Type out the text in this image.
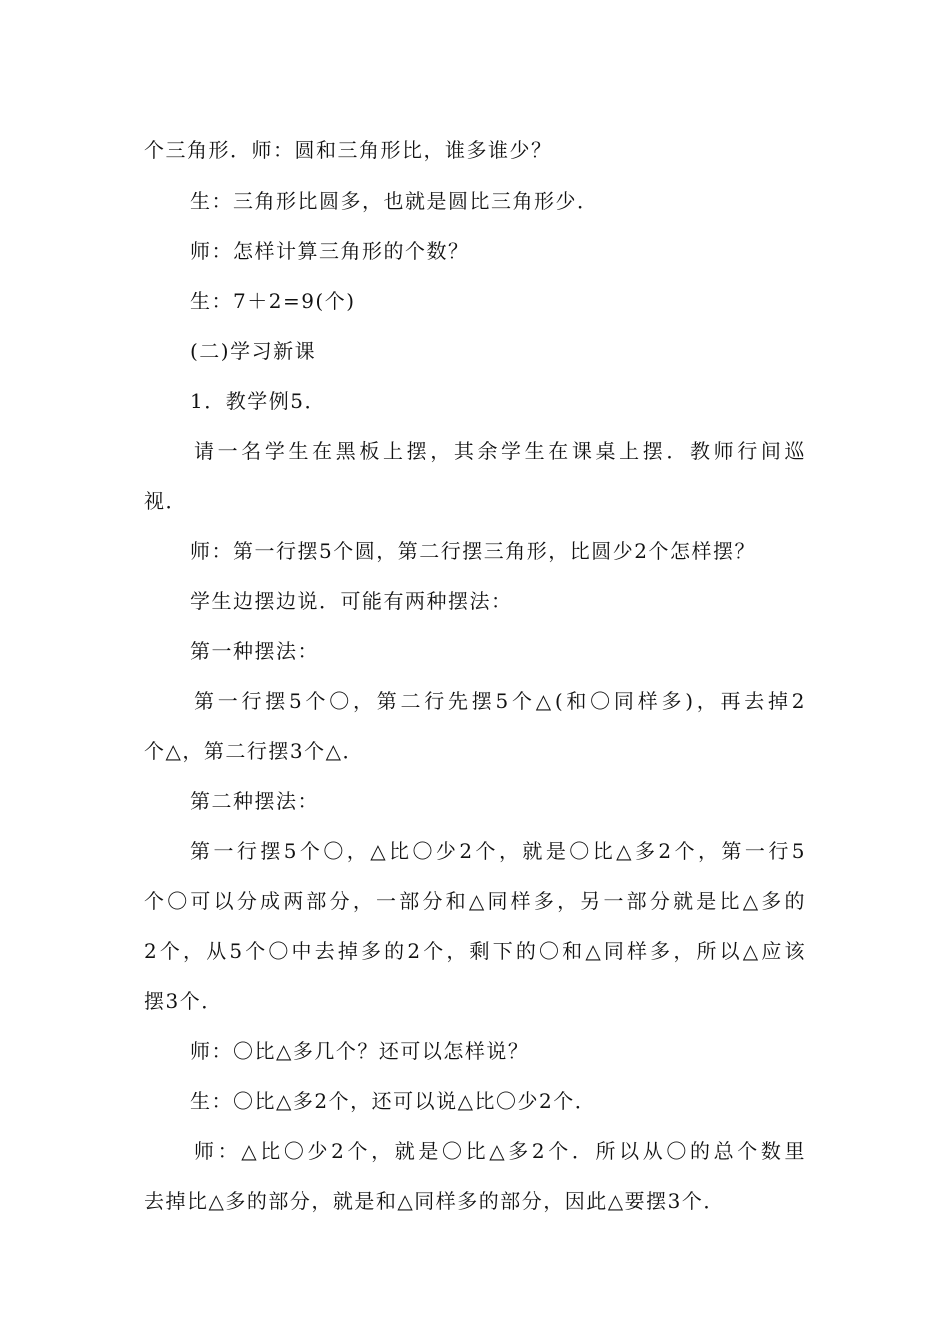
个三角形．师：圆和三角形比，谁多谁少？
生：三角形比圆多，也就是圆比三角形少．
师：怎样计算三角形的个数？
生：7＋2=9(个)
(二)学习新课
1．教学例5．
请一名学生在黑板上摆，其余学生在课桌上摆．教师行间巡
视．
师：第一行摆5个圆，第二行摆三角形，比圆少2个怎样摆？
学生边摆边说．可能有两种摆法：
第一种摆法：
第一行摆5个〇，第二行先摆5个△(和〇同样多)，再去掉2
个△，第二行摆3个△．
第二种摆法：
第一行摆5个〇，△比〇少2个，就是〇比△多2个，第一行5
个〇可以分成两部分，一部分和△同样多，另一部分就是比△多的
2个，从5个〇中去掉多的2个，剩下的〇和△同样多，所以△应该
摆3个．
师：〇比△多几个？还可以怎样说？
生：〇比△多2个，还可以说△比〇少2个．
师：△比〇少2个，就是〇比△多2个．所以从〇的总个数里
去掉比△多的部分，就是和△同样多的部分，因此△要摆3个．
